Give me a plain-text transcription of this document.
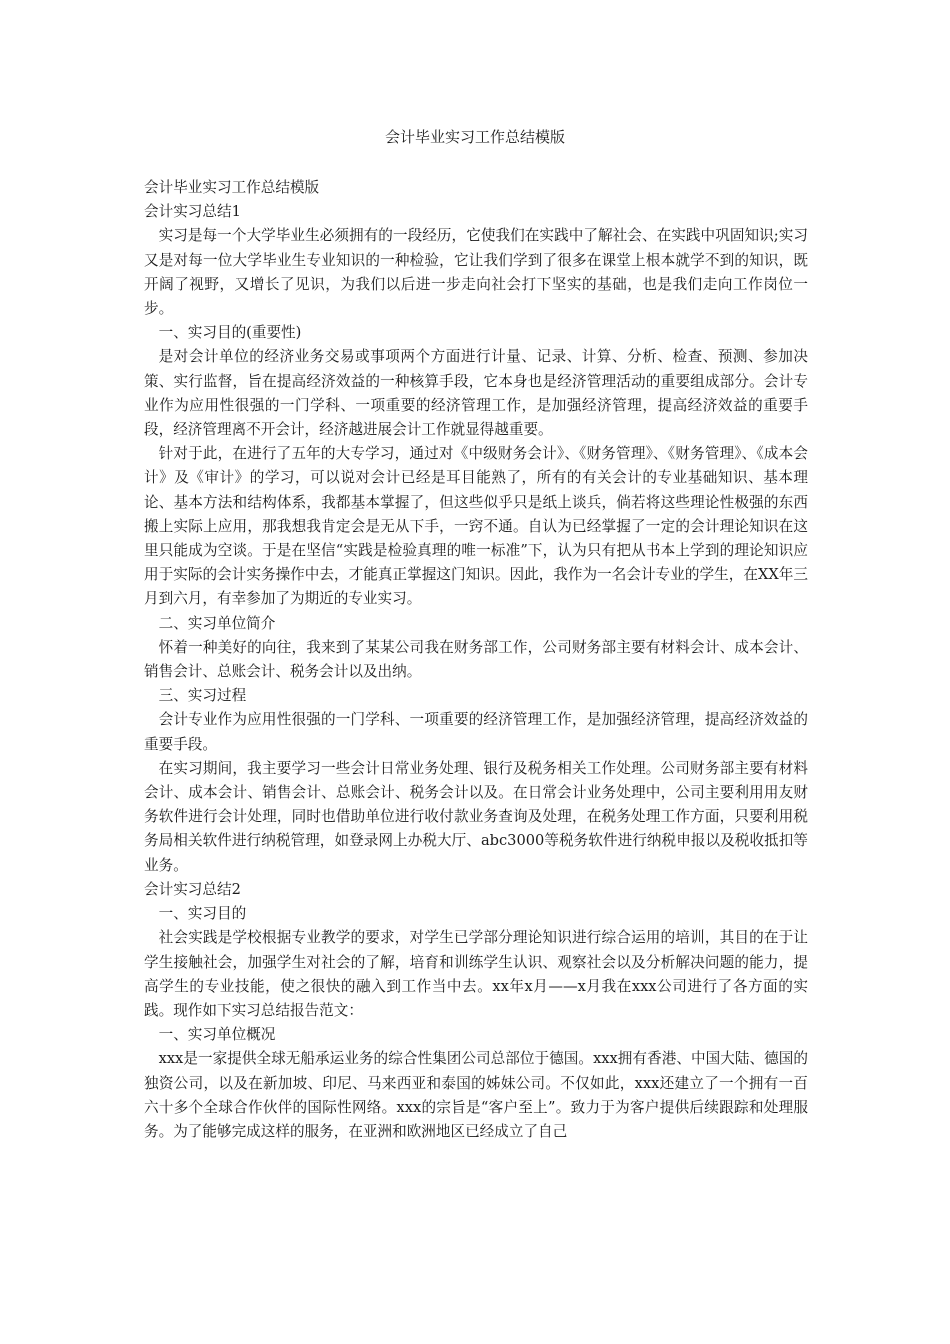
会计毕业实习工作总结模版

会计毕业实习工作总结模版

会计实习总结1

实习是每一个大学毕业生必须拥有的一段经历，它使我们在实践中了解社会、在实践中巩固知识;实习又是对每一位大学毕业生专业知识的一种检验，它让我们学到了很多在课堂上根本就学不到的知识，既开阔了视野，又增长了见识，为我们以后进一步走向社会打下坚实的基础，也是我们走向工作岗位一步。

一、实习目的(重要性)

是对会计单位的经济业务交易或事项两个方面进行计量、记录、计算、分析、检查、预测、参加决策、实行监督，旨在提高经济效益的一种核算手段，它本身也是经济管理活动的重要组成部分。会计专业作为应用性很强的一门学科、一项重要的经济管理工作，是加强经济管理，提高经济效益的重要手段，经济管理离不开会计，经济越进展会计工作就显得越重要。

针对于此，在进行了五年的大专学习，通过对《中级财务会计》、《财务管理》、《财务管理》、《成本会计》及《审计》的学习，可以说对会计已经是耳目能熟了，所有的有关会计的专业基础知识、基本理论、基本方法和结构体系，我都基本掌握了，但这些似乎只是纸上谈兵，倘若将这些理论性极强的东西搬上实际上应用，那我想我肯定会是无从下手，一窍不通。自认为已经掌握了一定的会计理论知识在这里只能成为空谈。于是在坚信“实践是检验真理的唯一标准”下，认为只有把从书本上学到的理论知识应用于实际的会计实务操作中去，才能真正掌握这门知识。因此，我作为一名会计专业的学生，在XX年三月到六月，有幸参加了为期近的专业实习。

二、实习单位简介

怀着一种美好的向往，我来到了某某公司我在财务部工作，公司财务部主要有材料会计、成本会计、销售会计、总账会计、税务会计以及出纳。

三、实习过程

会计专业作为应用性很强的一门学科、一项重要的经济管理工作，是加强经济管理，提高经济效益的重要手段。

在实习期间，我主要学习一些会计日常业务处理、银行及税务相关工作处理。公司财务部主要有材料会计、成本会计、销售会计、总账会计、税务会计以及。在日常会计业务处理中，公司主要利用用友财务软件进行会计处理，同时也借助单位进行收付款业务查询及处理，在税务处理工作方面，只要利用税务局相关软件进行纳税管理，如登录网上办税大厅、abc3000等税务软件进行纳税申报以及税收抵扣等业务。

会计实习总结2

一、实习目的

社会实践是学校根据专业教学的要求，对学生已学部分理论知识进行综合运用的培训，其目的在于让学生接触社会，加强学生对社会的了解，培育和训练学生认识、观察社会以及分析解决问题的能力，提高学生的专业技能，使之很快的融入到工作当中去。xx年x月——x月我在xxx公司进行了各方面的实践。现作如下实习总结报告范文：

一、实习单位概况

xxx是一家提供全球无船承运业务的综合性集团公司总部位于德国。xxx拥有香港、中国大陆、德国的独资公司，以及在新加坡、印尼、马来西亚和泰国的姊妹公司。不仅如此，xxx还建立了一个拥有一百六十多个全球合作伙伴的国际性网络。xxx的宗旨是“客户至上”。致力于为客户提供后续跟踪和处理服务。为了能够完成这样的服务，在亚洲和欧洲地区已经成立了自己
